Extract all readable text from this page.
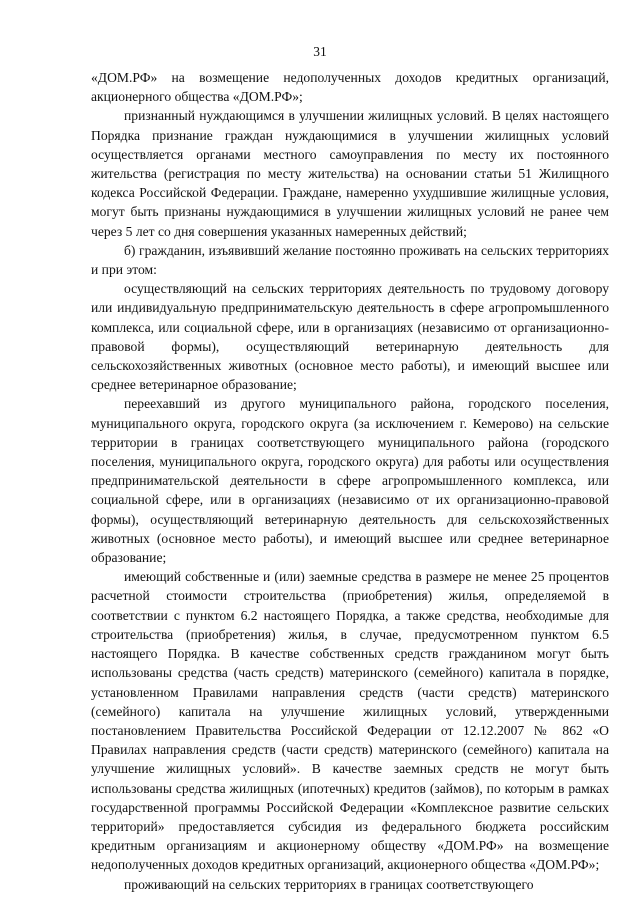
31

«ДОМ.РФ» на возмещение недополученных доходов кредитных организаций, акционерного общества «ДОМ.РФ»;

признанный нуждающимся в улучшении жилищных условий. В целях настоящего Порядка признание граждан нуждающимися в улучшении жилищных условий осуществляется органами местного самоуправления по месту их постоянного жительства (регистрация по месту жительства) на основании статьи 51 Жилищного кодекса Российской Федерации. Граждане, намеренно ухудшившие жилищные условия, могут быть признаны нуждающимися в улучшении жилищных условий не ранее чем через 5 лет со дня совершения указанных намеренных действий;

б) гражданин, изъявивший желание постоянно проживать на сельских территориях и при этом:

осуществляющий на сельских территориях деятельность по трудовому договору или индивидуальную предпринимательскую деятельность в сфере агропромышленного комплекса, или социальной сфере, или в организациях (независимо от организационно-правовой формы), осуществляющий ветеринарную деятельность для сельскохозяйственных животных (основное место работы), и имеющий высшее или среднее ветеринарное образование;

переехавший из другого муниципального района, городского поселения, муниципального округа, городского округа (за исключением г. Кемерово) на сельские территории в границах соответствующего муниципального района (городского поселения, муниципального округа, городского округа) для работы или осуществления предпринимательской деятельности в сфере агропромышленного комплекса, или социальной сфере, или в организациях (независимо от их организационно-правовой формы), осуществляющий ветеринарную деятельность для сельскохозяйственных животных (основное место работы), и имеющий высшее или среднее ветеринарное образование;

имеющий собственные и (или) заемные средства в размере не менее 25 процентов расчетной стоимости строительства (приобретения) жилья, определяемой в соответствии с пунктом 6.2 настоящего Порядка, а также средства, необходимые для строительства (приобретения) жилья, в случае, предусмотренном пунктом 6.5 настоящего Порядка. В качестве собственных средств гражданином могут быть использованы средства (часть средств) материнского (семейного) капитала в порядке, установленном Правилами направления средств (части средств) материнского (семейного) капитала на улучшение жилищных условий, утвержденными постановлением Правительства Российской Федерации от 12.12.2007 № 862 «О Правилах направления средств (части средств) материнского (семейного) капитала на улучшение жилищных условий». В качестве заемных средств не могут быть использованы средства жилищных (ипотечных) кредитов (займов), по которым в рамках государственной программы Российской Федерации «Комплексное развитие сельских территорий» предоставляется субсидия из федерального бюджета российским кредитным организациям и акционерному обществу «ДОМ.РФ» на возмещение недополученных доходов кредитных организаций, акционерного общества «ДОМ.РФ»;

проживающий на сельских территориях в границах соответствующего
